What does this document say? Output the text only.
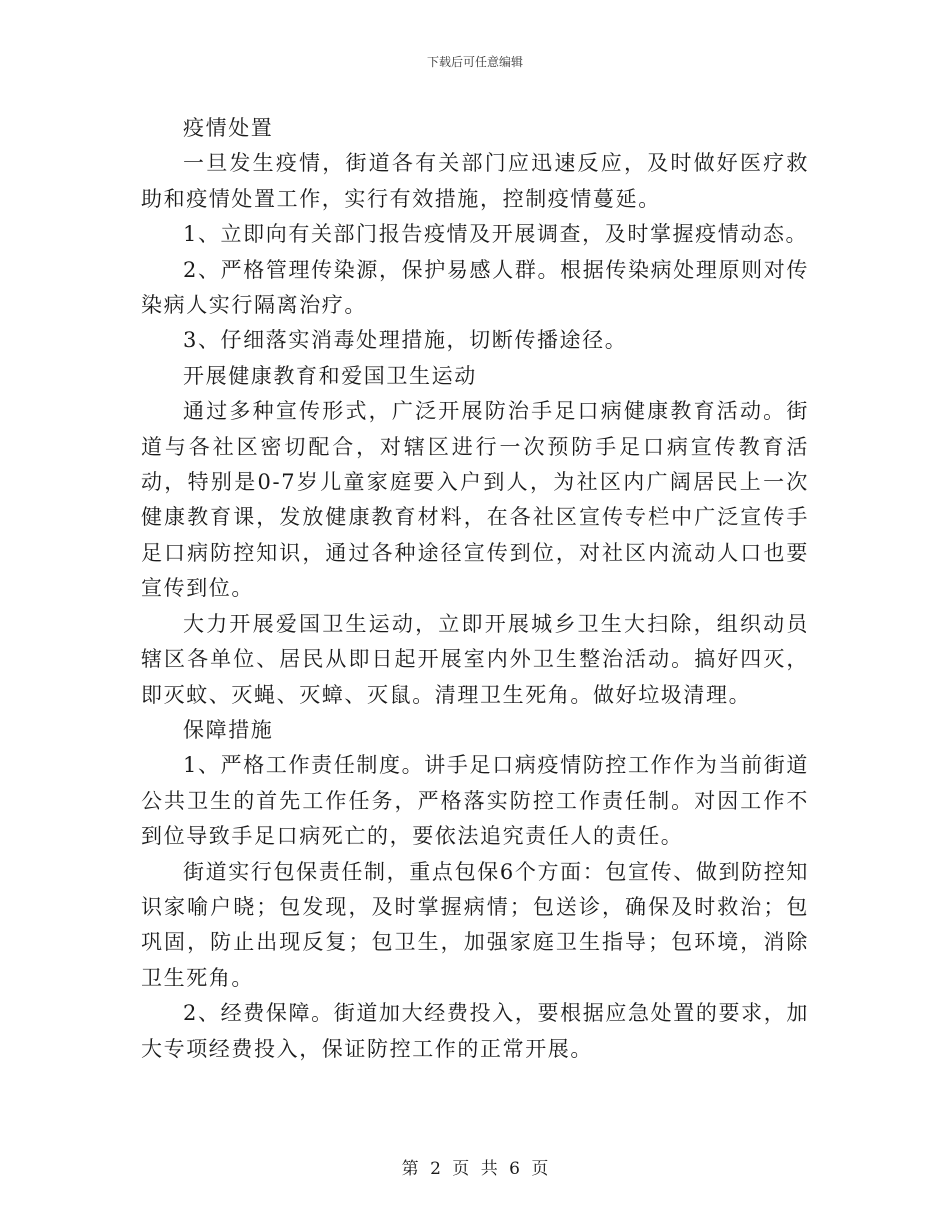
下载后可任意编辑

疫情处置

一旦发生疫情，街道各有关部门应迅速反应，及时做好医疗救助和疫情处置工作，实行有效措施，控制疫情蔓延。

1、立即向有关部门报告疫情及开展调查，及时掌握疫情动态。

2、严格管理传染源，保护易感人群。根据传染病处理原则对传染病人实行隔离治疗。

3、仔细落实消毒处理措施，切断传播途径。

开展健康教育和爱国卫生运动

通过多种宣传形式，广泛开展防治手足口病健康教育活动。街道与各社区密切配合，对辖区进行一次预防手足口病宣传教育活动，特别是0-7岁儿童家庭要入户到人，为社区内广阔居民上一次健康教育课，发放健康教育材料，在各社区宣传专栏中广泛宣传手足口病防控知识，通过各种途径宣传到位，对社区内流动人口也要宣传到位。

大力开展爱国卫生运动，立即开展城乡卫生大扫除，组织动员辖区各单位、居民从即日起开展室内外卫生整治活动。搞好四灭，即灭蚊、灭蝇、灭蟑、灭鼠。清理卫生死角。做好垃圾清理。

保障措施

1、严格工作责任制度。讲手足口病疫情防控工作作为当前街道公共卫生的首先工作任务，严格落实防控工作责任制。对因工作不到位导致手足口病死亡的，要依法追究责任人的责任。

街道实行包保责任制，重点包保6个方面：包宣传、做到防控知识家喻户晓；包发现，及时掌握病情；包送诊，确保及时救治；包巩固，防止出现反复；包卫生，加强家庭卫生指导；包环境，消除卫生死角。

2、经费保障。街道加大经费投入，要根据应急处置的要求，加大专项经费投入，保证防控工作的正常开展。

第 2 页 共 6 页
